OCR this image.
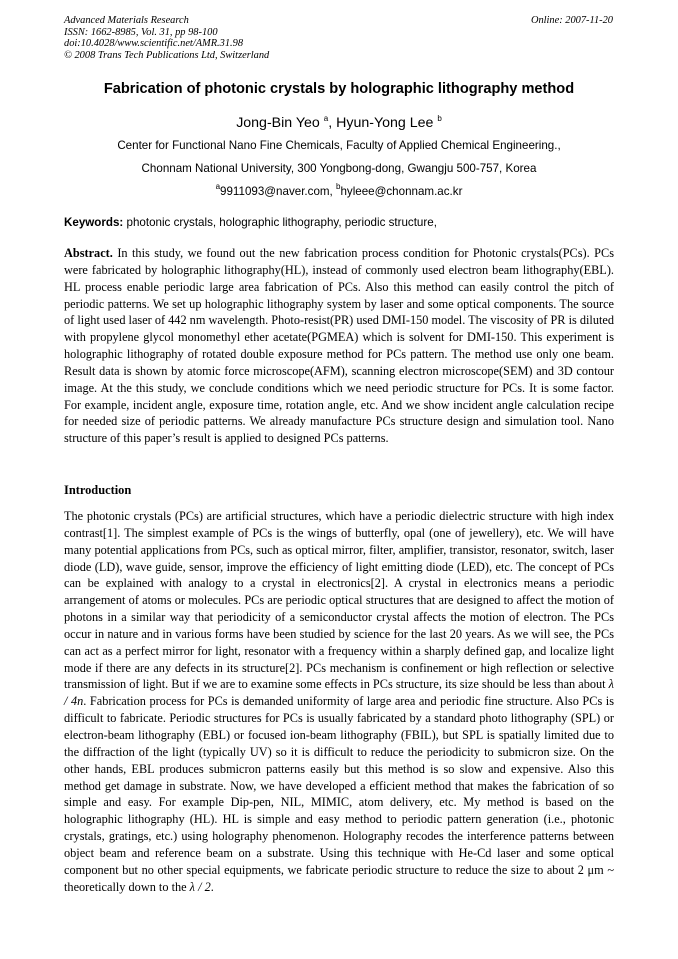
Advanced Materials Research
ISSN: 1662-8985, Vol. 31, pp 98-100
doi:10.4028/www.scientific.net/AMR.31.98
© 2008 Trans Tech Publications Ltd, Switzerland
Online: 2007-11-20
Fabrication of photonic crystals by holographic lithography method
Jong-Bin Yeo $^a$, Hyun-Yong Lee $^b$
Center for Functional Nano Fine Chemicals, Faculty of Applied Chemical Engineering.,
Chonnam National University, 300 Yongbong-dong, Gwangju 500-757, Korea
$^a$9911093@naver.com, $^b$hyleee@chonnam.ac.kr
Keywords: photonic crystals, holographic lithography, periodic structure,
Abstract. In this study, we found out the new fabrication process condition for Photonic crystals(PCs). PCs were fabricated by holographic lithography(HL), instead of commonly used electron beam lithography(EBL). HL process enable periodic large area fabrication of PCs. Also this method can easily control the pitch of periodic patterns. We set up holographic lithography system by laser and some optical components. The source of light used laser of 442 nm wavelength. Photo-resist(PR) used DMI-150 model. The viscosity of PR is diluted with propylene glycol monomethyl ether acetate(PGMEA) which is solvent for DMI-150. This experiment is holographic lithography of rotated double exposure method for PCs pattern. The method use only one beam. Result data is shown by atomic force microscope(AFM), scanning electron microscope(SEM) and 3D contour image. At the this study, we conclude conditions which we need periodic structure for PCs. It is some factor. For example, incident angle, exposure time, rotation angle, etc. And we show incident angle calculation recipe for needed size of periodic patterns. We already manufacture PCs structure design and simulation tool. Nano structure of this paper’s result is applied to designed PCs patterns.
Introduction
The photonic crystals (PCs) are artificial structures, which have a periodic dielectric structure with high index contrast[1]. The simplest example of PCs is the wings of butterfly, opal (one of jewellery), etc. We will have many potential applications from PCs, such as optical mirror, filter, amplifier, transistor, resonator, switch, laser diode (LD), wave guide, sensor, improve the efficiency of light emitting diode (LED), etc. The concept of PCs can be explained with analogy to a crystal in electronics[2]. A crystal in electronics means a periodic arrangement of atoms or molecules. PCs are periodic optical structures that are designed to affect the motion of photons in a similar way that periodicity of a semiconductor crystal affects the motion of electron. The PCs occur in nature and in various forms have been studied by science for the last 20 years. As we will see, the PCs can act as a perfect mirror for light, resonator with a frequency within a sharply defined gap, and localize light mode if there are any defects in its structure[2]. PCs mechanism is confinement or high reflection or selective transmission of light. But if we are to examine some effects in PCs structure, its size should be less than about λ / 4n. Fabrication process for PCs is demanded uniformity of large area and periodic fine structure. Also PCs is difficult to fabricate. Periodic structures for PCs is usually fabricated by a standard photo lithography (SPL) or electron-beam lithography (EBL) or focused ion-beam lithography (FBIL), but SPL is spatially limited due to the diffraction of the light (typically UV) so it is difficult to reduce the periodicity to submicron size. On the other hands, EBL produces submicron patterns easily but this method is so slow and expensive. Also this method get damage in substrate. Now, we have developed a efficient method that makes the fabrication of so simple and easy. For example Dip-pen, NIL, MIMIC, atom delivery, etc. My method is based on the holographic lithography (HL). HL is simple and easy method to periodic pattern generation (i.e., photonic crystals, gratings, etc.) using holography phenomenon. Holography recodes the interference patterns between object beam and reference beam on a substrate. Using this technique with He-Cd laser and some optical component but no other special equipments, we fabricate periodic structure to reduce the size to about 2 μm ~ theoretically down to the λ / 2.
